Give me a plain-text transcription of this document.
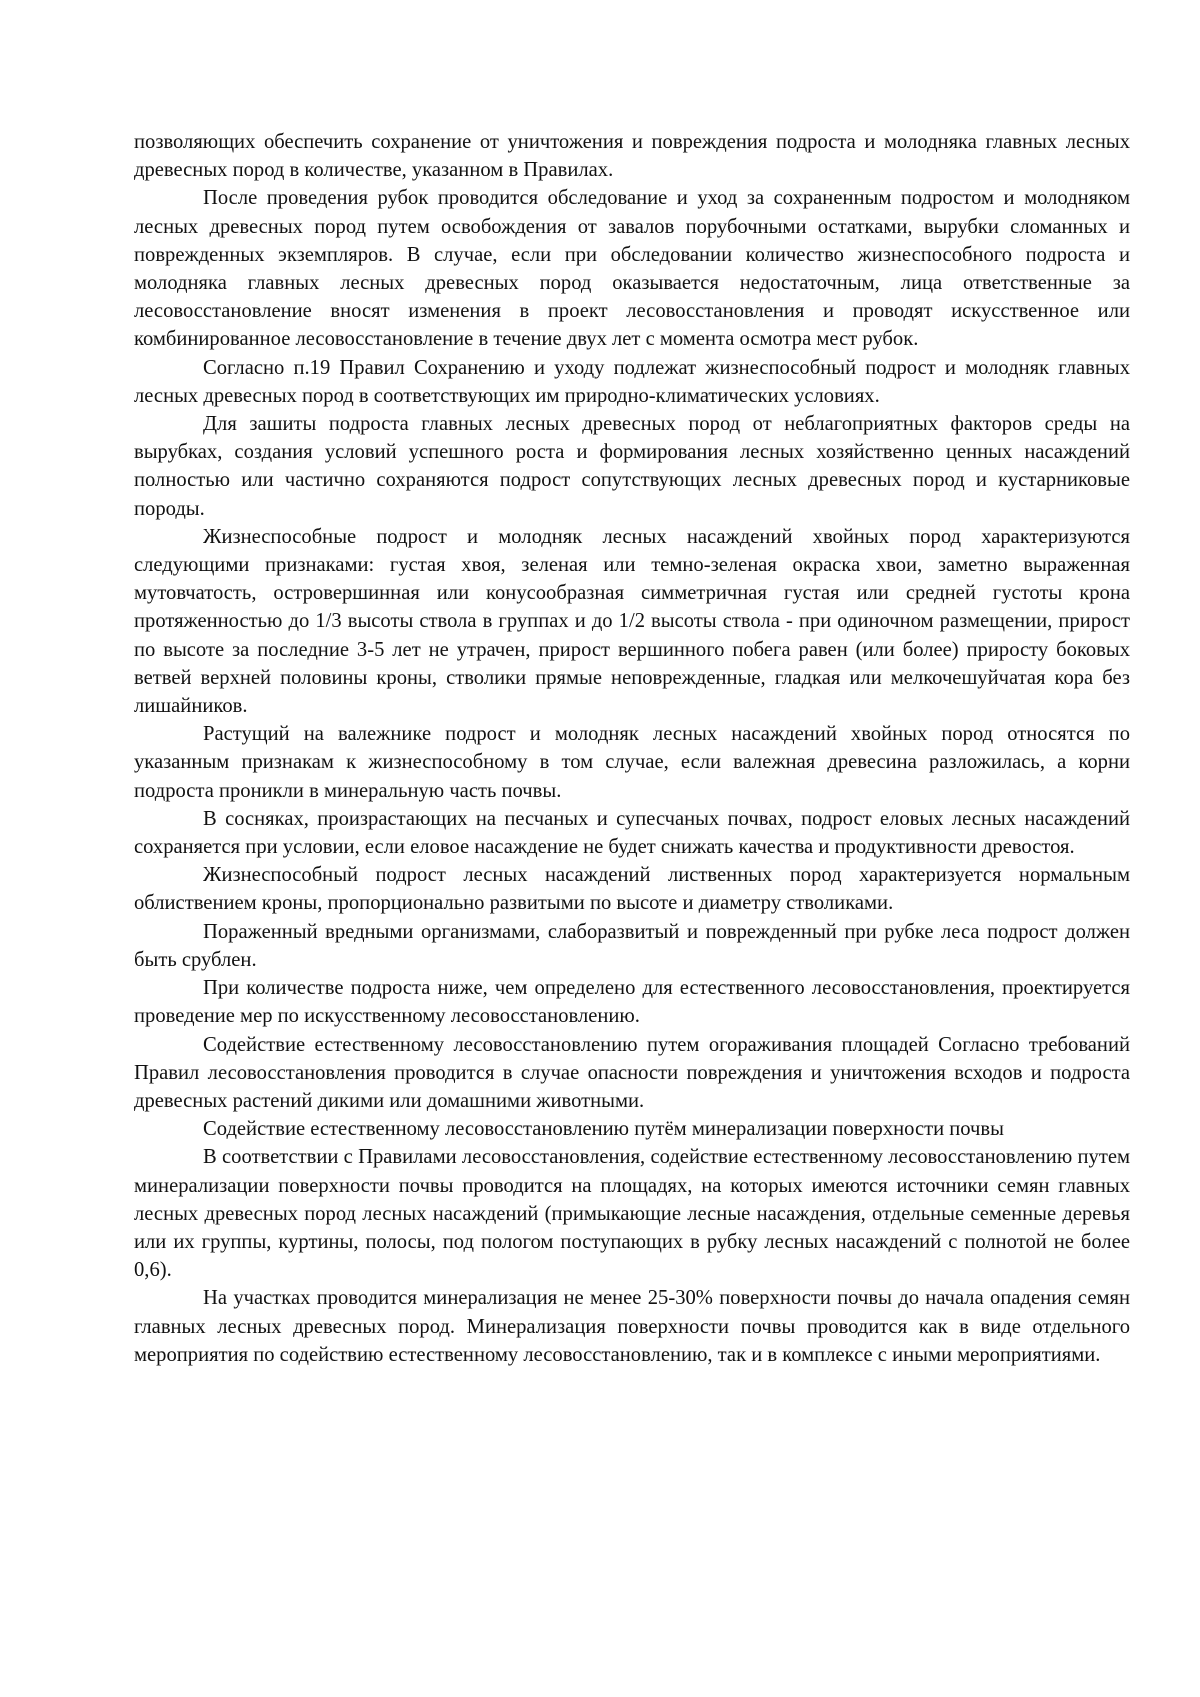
позволяющих обеспечить сохранение от уничтожения и повреждения подроста и молодняка главных лесных древесных пород в количестве, указанном в Правилах.

После проведения рубок проводится обследование и уход за сохраненным подростом и молодняком лесных древесных пород путем освобождения от завалов порубочными остатками, вырубки сломанных и поврежденных экземпляров. В случае, если при обследовании количество жизнеспособного подроста и молодняка главных лесных древесных пород оказывается недостаточным, лица ответственные за лесовосстановление вносят изменения в проект лесовосстановления и проводят искусственное или комбинированное лесовосстановление в течение двух лет с момента осмотра мест рубок.

Согласно п.19 Правил Сохранению и уходу подлежат жизнеспособный подрост и молодняк главных лесных древесных пород в соответствующих им природно-климатических условиях.

Для зашиты подроста главных лесных древесных пород от неблагоприятных факторов среды на вырубках, создания условий успешного роста и формирования лесных хозяйственно ценных насаждений полностью или частично сохраняются подрост сопутствующих лесных древесных пород и кустарниковые породы.

Жизнеспособные подрост и молодняк лесных насаждений хвойных пород характеризуются следующими признаками: густая хвоя, зеленая или темно-зеленая окраска хвои, заметно выраженная мутовчатость, островершинная или конусообразная симметричная густая или средней густоты крона протяженностью до 1/3 высоты ствола в группах и до 1/2 высоты ствола - при одиночном размещении, прирост по высоте за последние 3-5 лет не утрачен, прирост вершинного побега равен (или более) приросту боковых ветвей верхней половины кроны, стволики прямые неповрежденные, гладкая или мелкочешуйчатая кора без лишайников.

Растущий на валежнике подрост и молодняк лесных насаждений хвойных пород относятся по указанным признакам к жизнеспособному в том случае, если валежная древесина разложилась, а корни подроста проникли в минеральную часть почвы.

В сосняках, произрастающих на песчаных и супесчаных почвах, подрост еловых лесных насаждений сохраняется при условии, если еловое насаждение не будет снижать качества и продуктивности древостоя.

Жизнеспособный подрост лесных насаждений лиственных пород характеризуется нормальным облиствением кроны, пропорционально развитыми по высоте и диаметру стволиками.

Пораженный вредными организмами, слаборазвитый и поврежденный при рубке леса подрост должен быть срублен.

При количестве подроста ниже, чем определено для естественного лесовосстановления, проектируется проведение мер по искусственному лесовосстановлению.

Содействие естественному лесовосстановлению путем огораживания площадей Согласно требований Правил лесовосстановления проводится в случае опасности повреждения и уничтожения всходов и подроста древесных растений дикими или домашними животными.

Содействие естественному лесовосстановлению путём минерализации поверхности почвы

В соответствии с Правилами лесовосстановления, содействие естественному лесовосстановлению путем минерализации поверхности почвы проводится на площадях, на которых имеются источники семян главных лесных древесных пород лесных насаждений (примыкающие лесные насаждения, отдельные семенные деревья или их группы, куртины, полосы, под пологом поступающих в рубку лесных насаждений с полнотой не более 0,6).

На участках проводится минерализация не менее 25-30% поверхности почвы до начала опадения семян главных лесных древесных пород. Минерализация поверхности почвы проводится как в виде отдельного мероприятия по содействию естественному лесовосстановлению, так и в комплексе с иными мероприятиями.
